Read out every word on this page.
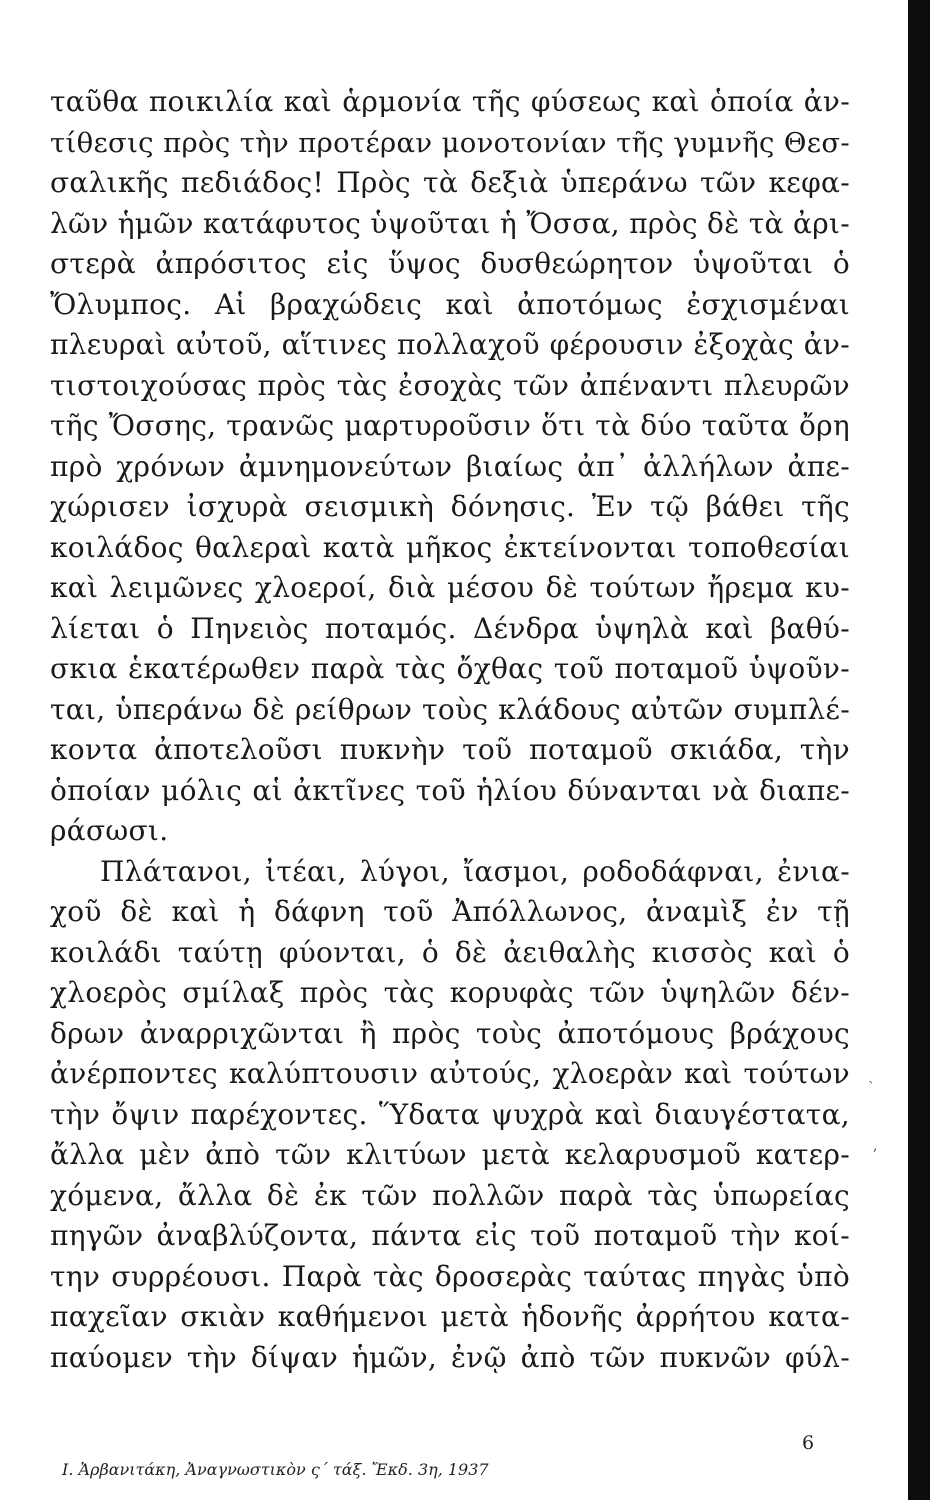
ταῦθα ποικιλία καὶ ἁρμονία τῆς φύσεως καὶ ὁποία ἀν-
τίθεσις πρὸς τὴν προτέραν μονοτονίαν τῆς γυμνῆς Θεσ-
σαλικῆς πεδιάδος! Πρὸς τὰ δεξιὰ ὑπεράνω τῶν κεφα-
λῶν ἡμῶν κατάφυτος ὑψοῦται ἡ Ὄσσα, πρὸς δὲ τὰ ἀρι-
στερὰ ἀπρόσιτος εἰς ὕψος δυσθεώρητον ὑψοῦται ὁ
Ὄλυμπος. Αἱ βραχώδεις καὶ ἀποτόμως ἐσχισμέναι
πλευραὶ αὐτοῦ, αἵτινες πολλαχοῦ φέρουσιν ἐξοχὰς ἀν-
τιστοιχούσας πρὸς τὰς ἐσοχὰς τῶν ἀπέναντι πλευρῶν
τῆς Ὄσσης, τρανῶς μαρτυροῦσιν ὅτι τὰ δύο ταῦτα ὄρη
πρὸ χρόνων ἀμνημονεύτων βιαίως ἀπ᾽ ἀλλήλων ἀπε-
χώρισεν ἰσχυρὰ σεισμικὴ δόνησις. Ἐν τῷ βάθει τῆς
κοιλάδος θαλεραὶ κατὰ μῆκος ἐκτείνονται τοποθεσίαι
καὶ λειμῶνες χλοεροί, διὰ μέσου δὲ τούτων ἤρεμα κυ-
λίεται ὁ Πηνειὸς ποταμός. Δένδρα ὑψηλὰ καὶ βαθύ-
σκια ἑκατέρωθεν παρὰ τὰς ὄχθας τοῦ ποταμοῦ ὑψοῦν-
ται, ὑπεράνω δὲ ρείθρων τοὺς κλάδους αὐτῶν συμπλέ-
κοντα ἀποτελοῦσι πυκνὴν τοῦ ποταμοῦ σκιάδα, τὴν
ὁποίαν μόλις αἱ ἀκτῖνες τοῦ ἡλίου δύνανται νὰ διαπε-
ράσωσι.
Πλάτανοι, ἰτέαι, λύγοι, ἴασμοι, ροδοδάφναι, ἐνια-
χοῦ δὲ καὶ ἡ δάφνη τοῦ Ἀπόλλωνος, ἀναμὶξ ἐν τῇ
κοιλάδι ταύτῃ φύονται, ὁ δὲ ἀειθαλὴς κισσὸς καὶ ὁ
χλοερὸς σμίλαξ πρὸς τὰς κορυφὰς τῶν ὑψηλῶν δέν-
δρων ἀναρριχῶνται ἢ πρὸς τοὺς ἀποτόμους βράχους
ἀνέρποντες καλύπτουσιν αὐτούς, χλοερὰν καὶ τούτων
τὴν ὄψιν παρέχοντες. Ὕδατα ψυχρὰ καὶ διαυγέστατα,
ἄλλα μὲν ἀπὸ τῶν κλιτύων μετὰ κελαρυσμοῦ κατερ-
χόμενα, ἄλλα δὲ ἐκ τῶν πολλῶν παρὰ τὰς ὑπωρείας
πηγῶν ἀναβλύζοντα, πάντα εἰς τοῦ ποταμοῦ τὴν κοί-
την συρρέουσι. Παρὰ τὰς δροσερὰς ταύτας πηγὰς ὑπὸ
παχεῖαν σκιὰν καθήμενοι μετὰ ἡδονῆς ἀρρήτου κατα-
παύομεν τὴν δίψαν ἡμῶν, ἐνῷ ἀπὸ τῶν πυκνῶν φύλ-
Ι. Ἀρβανιτάκη, Ἀναγνωστικὸν ς΄ τάξ. Ἔκδ. 3η, 1937
6
`
,
